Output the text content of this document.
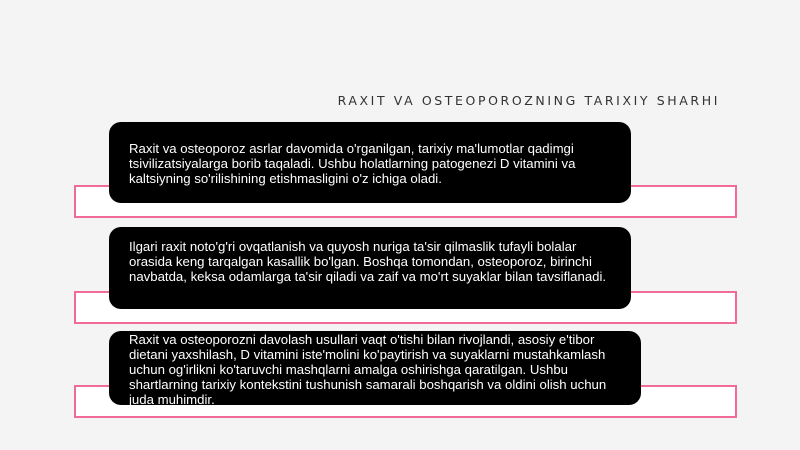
RAXIT VA OSTEOPOROZNING TARIXIY SHARHI

Raxit va osteoporoz asrlar davomida o'rganilgan, tarixiy ma'lumotlar qadimgi tsivilizatsiyalarga borib taqaladi. Ushbu holatlarning patogenezi D vitamini va kaltsiyning so'rilishining etishmasligini o'z ichiga oladi.

Ilgari raxit noto'g'ri ovqatlanish va quyosh nuriga ta'sir qilmaslik tufayli bolalar orasida keng tarqalgan kasallik bo'lgan. Boshqa tomondan, osteoporoz, birinchi navbatda, keksa odamlarga ta'sir qiladi va zaif va mo'rt suyaklar bilan tavsiflanadi.

Raxit va osteoporozni davolash usullari vaqt o'tishi bilan rivojlandi, asosiy e'tibor dietani yaxshilash, D vitamini iste'molini ko'paytirish va suyaklarni mustahkamlash uchun og'irlikni ko'taruvchi mashqlarni amalga oshirishga qaratilgan. Ushbu shartlarning tarixiy kontekstini tushunish samarali boshqarish va oldini olish uchun juda muhimdir.
